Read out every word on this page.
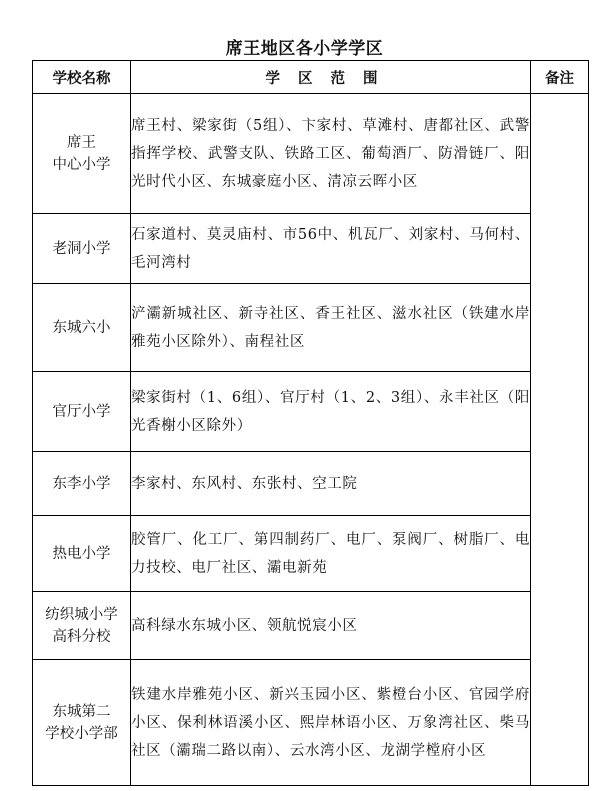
席王地区各小学学区
学校名称	学区范围	备注

席王
中心小学	席王村、梁家街（5组）、卞家村、草滩村、唐都社区、武警指挥学校、武警支队、铁路工区、葡萄酒厂、防滑链厂、阳光时代小区、东城豪庭小区、清凉云晖小区	

老洞小学	石家道村、莫灵庙村、市56中、机瓦厂、刘家村、马何村、毛河湾村	

东城六小	浐灞新城社区、新寺社区、香王社区、滋水社区（铁建水岸雅苑小区除外）、南程社区	

官厅小学	梁家街村（1、6组）、官厅村（1、2、3组）、永丰社区（阳光香榭小区除外）	

东李小学	李家村、东风村、东张村、空工院	

热电小学	胶管厂、化工厂、第四制药厂、电厂、泵阀厂、树脂厂、电力技校、电厂社区、灞电新苑	

纺织城小学
高科分校	高科绿水东城小区、领航悦宸小区	

东城第二
学校小学部	铁建水岸雅苑小区、新兴玉园小区、紫橙台小区、官园学府小区、保利林语溪小区、熙岸林语小区、万象湾社区、柴马社区（灞瑞二路以南）、云水湾小区、龙湖学樘府小区	
